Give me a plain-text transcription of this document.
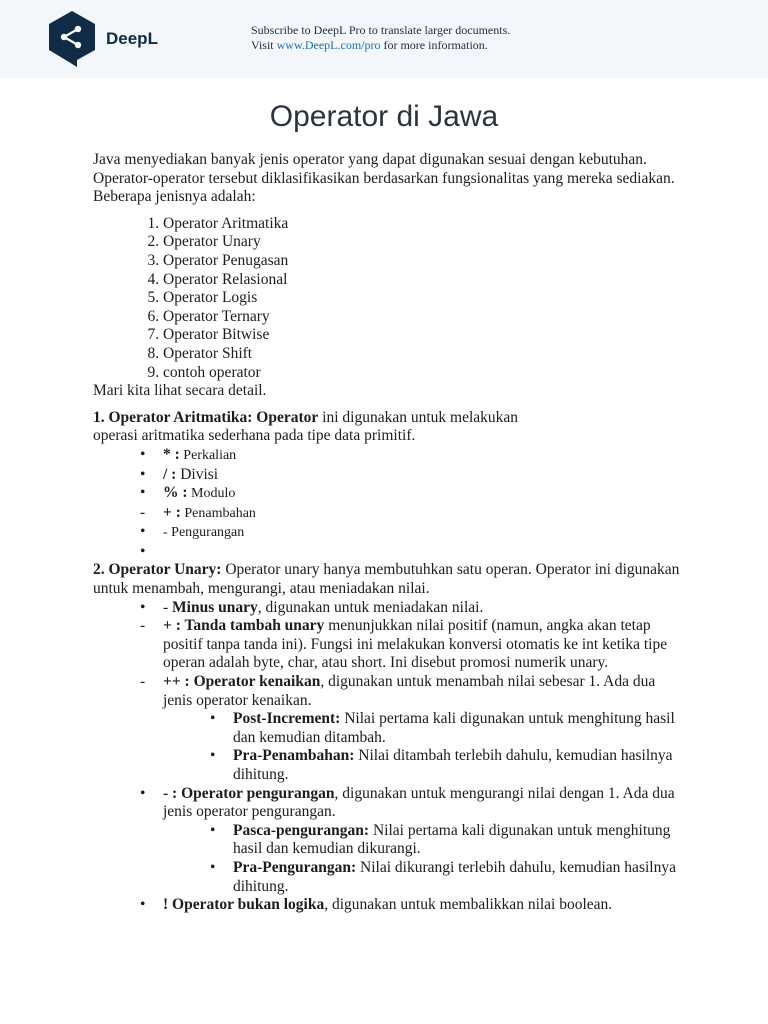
DeepL	Subscribe to DeepL Pro to translate larger documents.
Visit www.DeepL.com/pro for more information.
Operator di Jawa

Java menyediakan banyak jenis operator yang dapat digunakan sesuai dengan kebutuhan. Operator-operator tersebut diklasifikasikan berdasarkan fungsionalitas yang mereka sediakan. Beberapa jenisnya adalah:

1. Operator Aritmatika
2. Operator Unary
3. Operator Penugasan
4. Operator Relasional
5. Operator Logis
6. Operator Ternary
7. Operator Bitwise
8. Operator Shift
9. contoh operator

Mari kita lihat secara detail.

1. Operator Aritmatika: Operator ini digunakan untuk melakukan
operasi aritmatika sederhana pada tipe data primitif.

•	* : Perkalian
•	/ : Divisi
•	% : Modulo
-	+ : Penambahan
•	- Pengurangan
•

2. Operator Unary: Operator unary hanya membutuhkan satu operan. Operator ini digunakan untuk menambah, mengurangi, atau meniadakan nilai.

•	- Minus unary, digunakan untuk meniadakan nilai.
-	+ : Tanda tambah unary menunjukkan nilai positif (namun, angka akan tetap positif tanpa tanda ini). Fungsi ini melakukan konversi otomatis ke int ketika tipe operan adalah byte, char, atau short. Ini disebut promosi numerik unary.
-	++ : Operator kenaikan, digunakan untuk menambah nilai sebesar 1. Ada dua jenis operator kenaikan.
•	Post-Increment: Nilai pertama kali digunakan untuk menghitung hasil dan kemudian ditambah.
•	Pra-Penambahan: Nilai ditambah terlebih dahulu, kemudian hasilnya dihitung.
•	- : Operator pengurangan, digunakan untuk mengurangi nilai dengan 1. Ada dua jenis operator pengurangan.
•	Pasca-pengurangan: Nilai pertama kali digunakan untuk menghitung hasil dan kemudian dikurangi.
•	Pra-Pengurangan: Nilai dikurangi terlebih dahulu, kemudian hasilnya dihitung.
•	! Operator bukan logika, digunakan untuk membalikkan nilai boolean.
